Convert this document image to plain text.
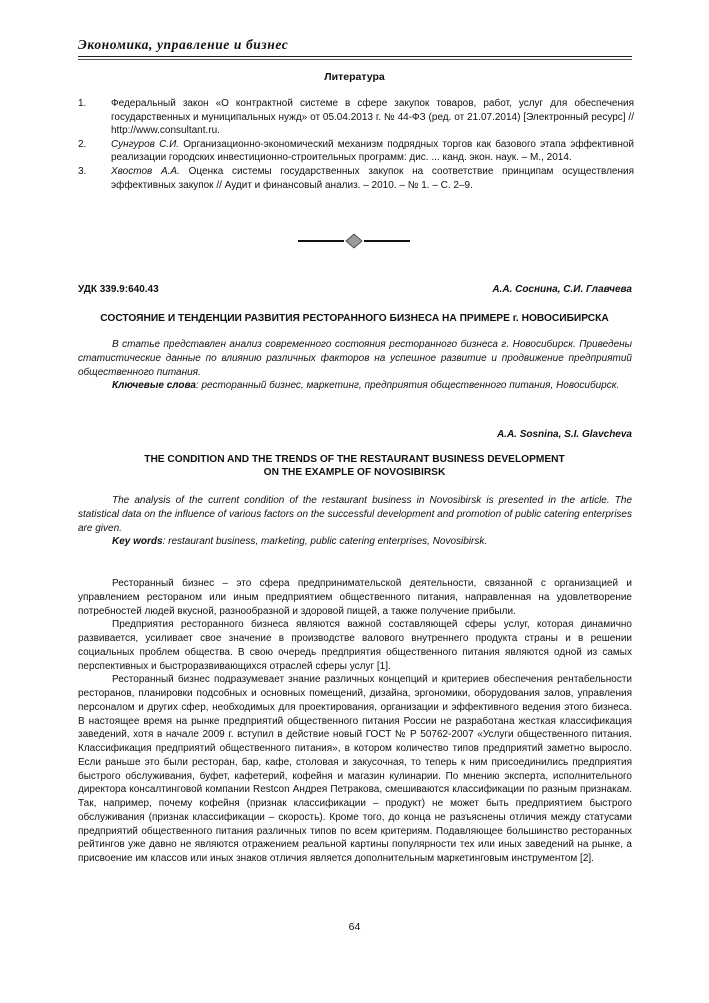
Экономика, управление и бизнес
Литература
1. Федеральный закон «О контрактной системе в сфере закупок товаров, работ, услуг для обеспечения государственных и муниципальных нужд» от 05.04.2013 г. № 44-ФЗ (ред. от 21.07.2014) [Электронный ресурс] // http://www.consultant.ru.
2. Сунгуров С.И. Организационно-экономический механизм подрядных торгов как базового этапа эффективной реализации городских инвестиционно-строительных программ: дис. ... канд. экон. наук. – М., 2014.
3. Хвостов А.А. Оценка системы государственных закупок на соответствие принципам осуществления эффективных закупок // Аудит и финансовый анализ. – 2010. – № 1. – С. 2–9.
УДК 339.9:640.43	А.А. Соснина, С.И. Главчева
СОСТОЯНИЕ И ТЕНДЕНЦИИ РАЗВИТИЯ РЕСТОРАННОГО БИЗНЕСА НА ПРИМЕРЕ г. НОВОСИБИРСКА

В статье представлен анализ современного состояния ресторанного бизнеса г. Новосибирск. Приведены статистические данные по влиянию различных факторов на успешное развитие и продвижение предприятий общественного питания.

Ключевые слова: ресторанный бизнес, маркетинг, предприятия общественного питания, Новосибирск.

A.A. Sosnina, S.I. Glavcheva
THE CONDITION AND THE TRENDS OF THE RESTAURANT BUSINESS DEVELOPMENT
ON THE EXAMPLE OF NOVOSIBIRSK

The analysis of the current condition of the restaurant business in Novosibirsk is presented in the article. The statistical data on the influence of various factors on the successful development and promotion of public catering enterprises are given.

Key words: restaurant business, marketing, public catering enterprises, Novosibirsk.

Ресторанный бизнес – это сфера предпринимательской деятельности, связанной с организацией и управлением рестораном или иным предприятием общественного питания, направленная на удовлетворение потребностей людей вкусной, разнообразной и здоровой пищей, а также получение прибыли.

Предприятия ресторанного бизнеса являются важной составляющей сферы услуг, которая динамично развивается, усиливает свое значение в производстве валового внутреннего продукта страны и в решении социальных проблем общества. В свою очередь предприятия общественного питания являются одной из самых перспективных и быстроразвивающихся отраслей сферы услуг [1].

Ресторанный бизнес подразумевает знание различных концепций и критериев обеспечения рентабельности ресторанов, планировки подсобных и основных помещений, дизайна, эргономики, оборудования залов, управления персоналом и других сфер, необходимых для проектирования, организации и эффективного ведения этого бизнеса. В настоящее время на рынке предприятий общественного питания России не разработана жесткая классификация заведений, хотя в начале 2009 г. вступил в действие новый ГОСТ № Р 50762-2007 «Услуги общественного питания. Классификация предприятий общественного питания», в котором количество типов предприятий заметно выросло. Если раньше это были ресторан, бар, кафе, столовая и закусочная, то теперь к ним присоединились предприятия быстрого обслуживания, буфет, кафетерий, кофейня и магазин кулинарии. По мнению эксперта, исполнительного директора консалтинговой компании Restcon Андрея Петракова, смешиваются классификации по разным признакам. Так, например, почему кофейня (признак классификации – продукт) не может быть предприятием быстрого обслуживания (признак классификации – скорость). Кроме того, до конца не разъяснены отличия между статусами предприятий общественного питания различных типов по всем критериям. Подавляющее большинство ресторанных рейтингов уже давно не являются отражением реальной картины популярности тех или иных заведений на рынке, а присвоение им классов или иных знаков отличия является дополнительным маркетинговым инструментом [2].

64
